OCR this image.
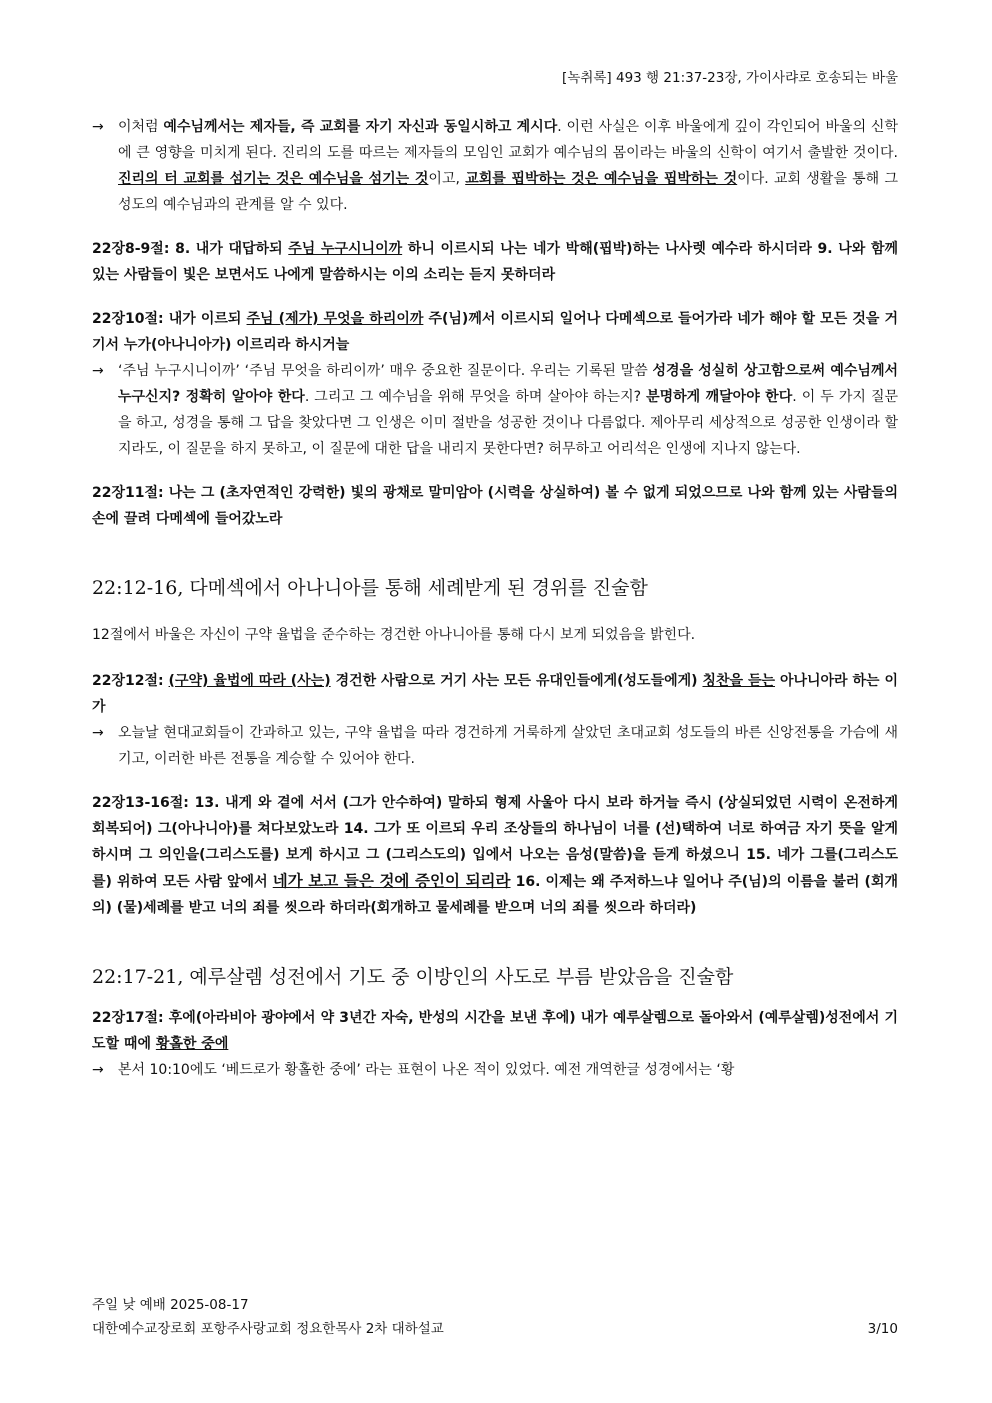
[녹취록] 493 행 21:37-23장, 가이사랴로 호송되는 바울
→	이처럼 예수님께서는 제자들, 즉 교회를 자기 자신과 동일시하고 계시다. 이런 사실은 이후 바울에게 깊이 각인되어 바울의 신학에 큰 영향을 미치게 된다. 진리의 도를 따르는 제자들의 모임인 교회가 예수님의 몸이라는 바울의 신학이 여기서 출발한 것이다. 진리의 터 교회를 섬기는 것은 예수님을 섬기는 것이고, 교회를 핍박하는 것은 예수님을 핍박하는 것이다. 교회 생활을 통해 그 성도의 예수님과의 관계를 알 수 있다.

22장8-9절: 8. 내가 대답하되 주님 누구시니이까 하니 이르시되 나는 네가 박해(핍박)하는 나사렛 예수라 하시더라 9. 나와 함께 있는 사람들이 빛은 보면서도 나에게 말씀하시는 이의 소리는 듣지 못하더라

22장10절: 내가 이르되 주님 (제가) 무엇을 하리이까 주(님)께서 이르시되 일어나 다메섹으로 들어가라 네가 해야 할 모든 것을 거기서 누가(아나니아가) 이르리라 하시거늘

→	‘주님 누구시니이까’ ‘주님 무엇을 하리이까’ 매우 중요한 질문이다. 우리는 기록된 말씀 성경을 성실히 상고함으로써 예수님께서 누구신지? 정확히 알아야 한다. 그리고 그 예수님을 위해 무엇을 하며 살아야 하는지? 분명하게 깨달아야 한다. 이 두 가지 질문을 하고, 성경을 통해 그 답을 찾았다면 그 인생은 이미 절반을 성공한 것이나 다름없다. 제아무리 세상적으로 성공한 인생이라 할지라도, 이 질문을 하지 못하고, 이 질문에 대한 답을 내리지 못한다면? 허무하고 어리석은 인생에 지나지 않는다.

22장11절: 나는 그 (초자연적인 강력한) 빛의 광채로 말미암아 (시력을 상실하여) 볼 수 없게 되었으므로 나와 함께 있는 사람들의 손에 끌려 다메섹에 들어갔노라

22:12-16, 다메섹에서 아나니아를 통해 세례받게 된 경위를 진술함

12절에서 바울은 자신이 구약 율법을 준수하는 경건한 아나니아를 통해 다시 보게 되었음을 밝힌다.

22장12절: (구약) 율법에 따라 (사는) 경건한 사람으로 거기 사는 모든 유대인들에게(성도들에게) 칭찬을 듣는 아나니아라 하는 이가

→	오늘날 현대교회들이 간과하고 있는, 구약 율법을 따라 경건하게 거룩하게 살았던 초대교회 성도들의 바른 신앙전통을 가슴에 새기고, 이러한 바른 전통을 계승할 수 있어야 한다.

22장13-16절: 13. 내게 와 곁에 서서 (그가 안수하여) 말하되 형제 사울아 다시 보라 하거늘 즉시 (상실되었던 시력이 온전하게 회복되어) 그(아나니아)를 쳐다보았노라 14. 그가 또 이르되 우리 조상들의 하나님이 너를 (선)택하여 너로 하여금 자기 뜻을 알게 하시며 그 의인을(그리스도를) 보게 하시고 그 (그리스도의) 입에서 나오는 음성(말씀)을 듣게 하셨으니 15. 네가 그를(그리스도를) 위하여 모든 사람 앞에서 네가 보고 들은 것에 증인이 되리라 16. 이제는 왜 주저하느냐 일어나 주(님)의 이름을 불러 (회개의) (물)세례를 받고 너의 죄를 씻으라 하더라(회개하고 물세례를 받으며 너의 죄를 씻으라 하더라)

22:17-21, 예루살렘 성전에서 기도 중 이방인의 사도로 부름 받았음을 진술함

22장17절: 후에(아라비아 광야에서 약 3년간 자숙, 반성의 시간을 보낸 후에) 내가 예루살렘으로 돌아와서 (예루살렘)성전에서 기도할 때에 황홀한 중에

→	본서 10:10에도 ‘베드로가 황홀한 중에’ 라는 표현이 나온 적이 있었다. 예전 개역한글 성경에서는 ‘황
주일 낮 예배 2025-08-17
대한예수교장로회 포항주사랑교회 정요한목사 2차 대하설교	3/10
